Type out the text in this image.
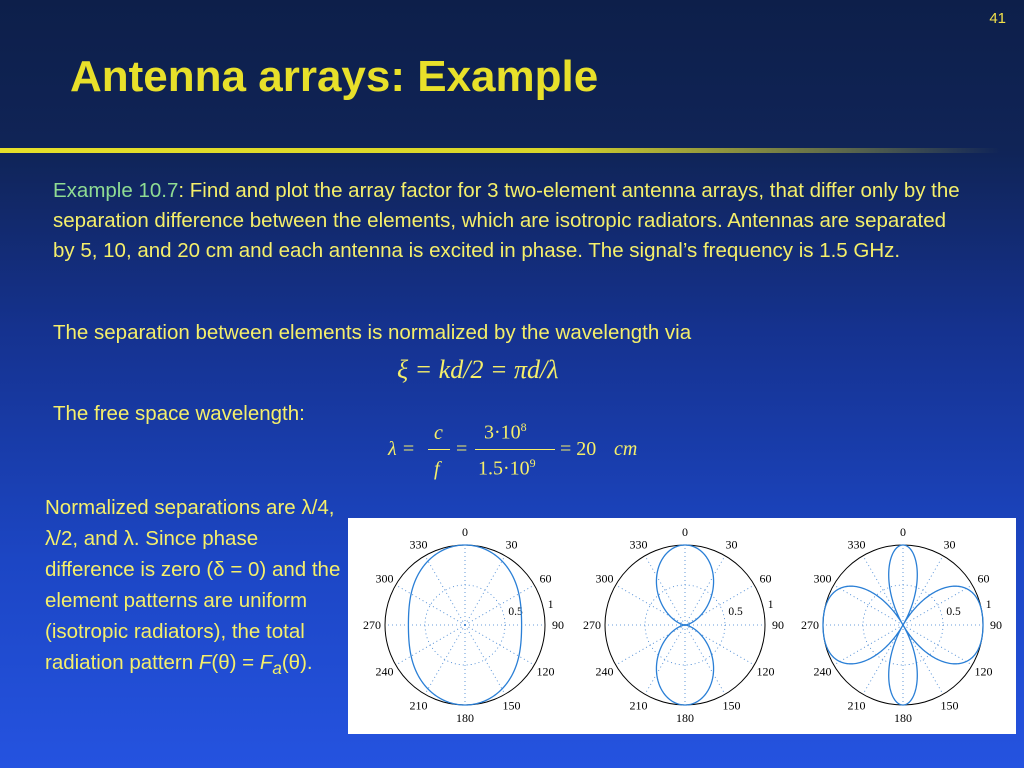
41
Antenna arrays: Example

Example 10.7: Find and plot the array factor for 3 two-element antenna arrays, that differ only by the separation difference between the elements, which are isotropic radiators. Antennas are separated by 5, 10, and 20 cm and each antenna is excited in phase. The signal’s frequency is 1.5 GHz.

The separation between elements is normalized by the wavelength via

ξ = kd/2 = πd/λ

The free space wavelength:

λ =
c
f
=
$3\cdot 10^8$
$1.5\cdot 10^9$
= 20 cm

Normalized separations are λ/4, λ/2, and λ. Since phase difference is zero (δ = 0) and the element patterns are uniform (isotropic radiators), the total radiation pattern $F(\theta) = F_a(\theta)$.

0
30
60
90
120
150
180
210
240
270
300
330
0.5
1
0
30
60
90
120
150
180
210
240
270
300
330
0.5
1
0
30
60
90
120
150
180
210
240
270
300
330
0.5
1
